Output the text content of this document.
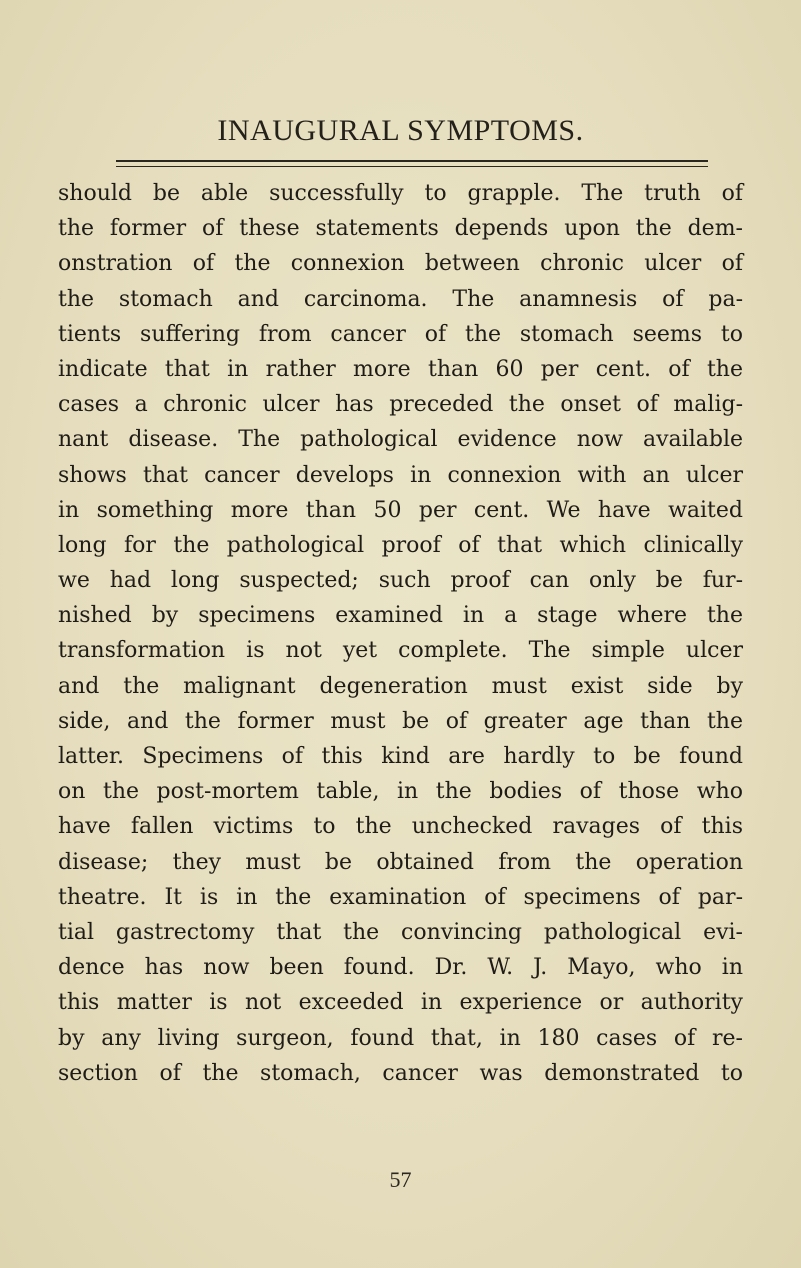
INAUGURAL SYMPTOMS.
should be able successfully to grapple. The truth of
the former of these statements depends upon the dem-
onstration of the connexion between chronic ulcer of
the stomach and carcinoma. The anamnesis of pa-
tients suffering from cancer of the stomach seems to
indicate that in rather more than 60 per cent. of the
cases a chronic ulcer has preceded the onset of malig-
nant disease. The pathological evidence now available
shows that cancer develops in connexion with an ulcer
in something more than 50 per cent. We have waited
long for the pathological proof of that which clinically
we had long suspected; such proof can only be fur-
nished by specimens examined in a stage where the
transformation is not yet complete. The simple ulcer
and the malignant degeneration must exist side by
side, and the former must be of greater age than the
latter. Specimens of this kind are hardly to be found
on the post-mortem table, in the bodies of those who
have fallen victims to the unchecked ravages of this
disease; they must be obtained from the operation
theatre. It is in the examination of specimens of par-
tial gastrectomy that the convincing pathological evi-
dence has now been found. Dr. W. J. Mayo, who in
this matter is not exceeded in experience or authority
by any living surgeon, found that, in 180 cases of re-
section of the stomach, cancer was demonstrated to
57
